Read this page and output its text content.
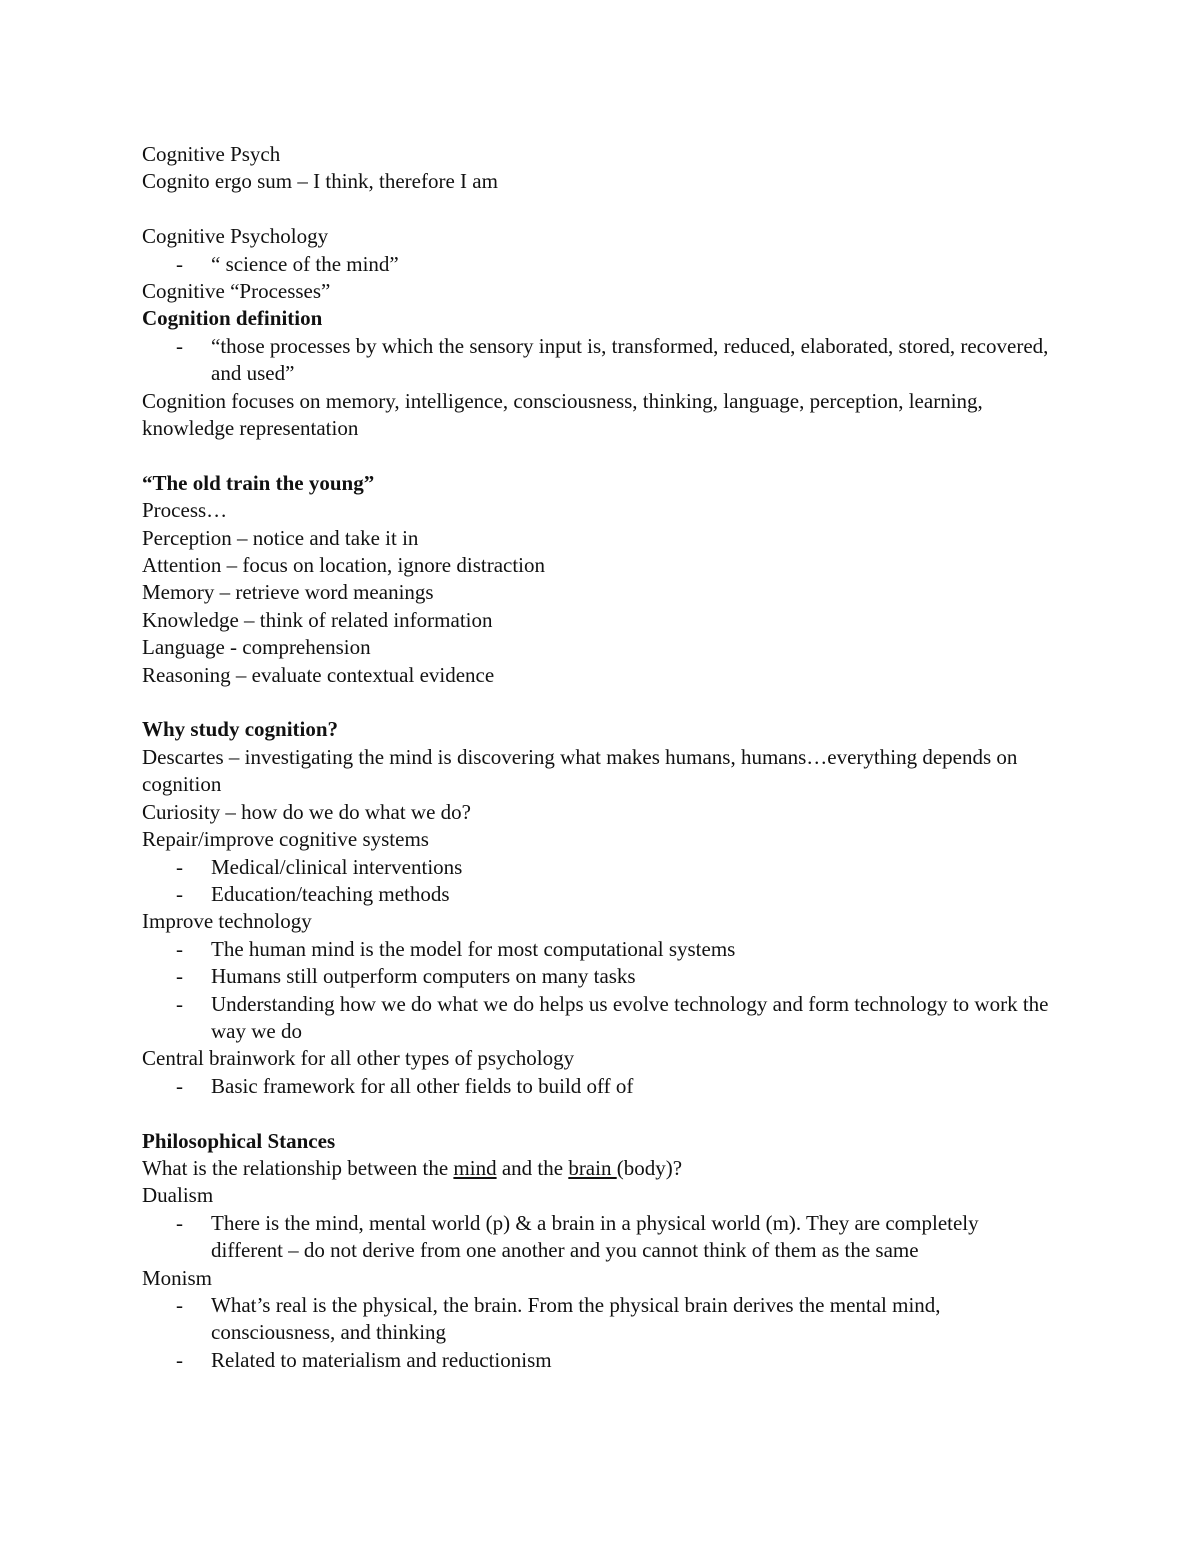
Cognitive Psych

Cognito ergo sum – I think, therefore I am

Cognitive Psychology

-	“ science of the mind”

Cognitive “Processes”

Cognition definition

-	“those processes by which the sensory input is, transformed, reduced, elaborated, stored, recovered, and used”

Cognition focuses on memory, intelligence, consciousness, thinking, language, perception, learning, knowledge representation

“The old train the young”

Process…

Perception – notice and take it in

Attention – focus on location, ignore distraction

Memory – retrieve word meanings

Knowledge – think of related information

Language - comprehension

Reasoning – evaluate contextual evidence

Why study cognition?

Descartes – investigating the mind is discovering what makes humans, humans…everything depends on cognition

Curiosity – how do we do what we do?

Repair/improve cognitive systems

-	Medical/clinical interventions
-	Education/teaching methods

Improve technology

-	The human mind is the model for most computational systems
-	Humans still outperform computers on many tasks
-	Understanding how we do what we do helps us evolve technology and form technology to work the way we do

Central brainwork for all other types of psychology

-	Basic framework for all other fields to build off of

Philosophical Stances

What is the relationship between the mind and the brain (body)?

Dualism

-	There is the mind, mental world (p) & a brain in a physical world (m). They are completely different – do not derive from one another and you cannot think of them as the same

Monism

-	What’s real is the physical, the brain. From the physical brain derives the mental mind, consciousness, and thinking
-	Related to materialism and reductionism
